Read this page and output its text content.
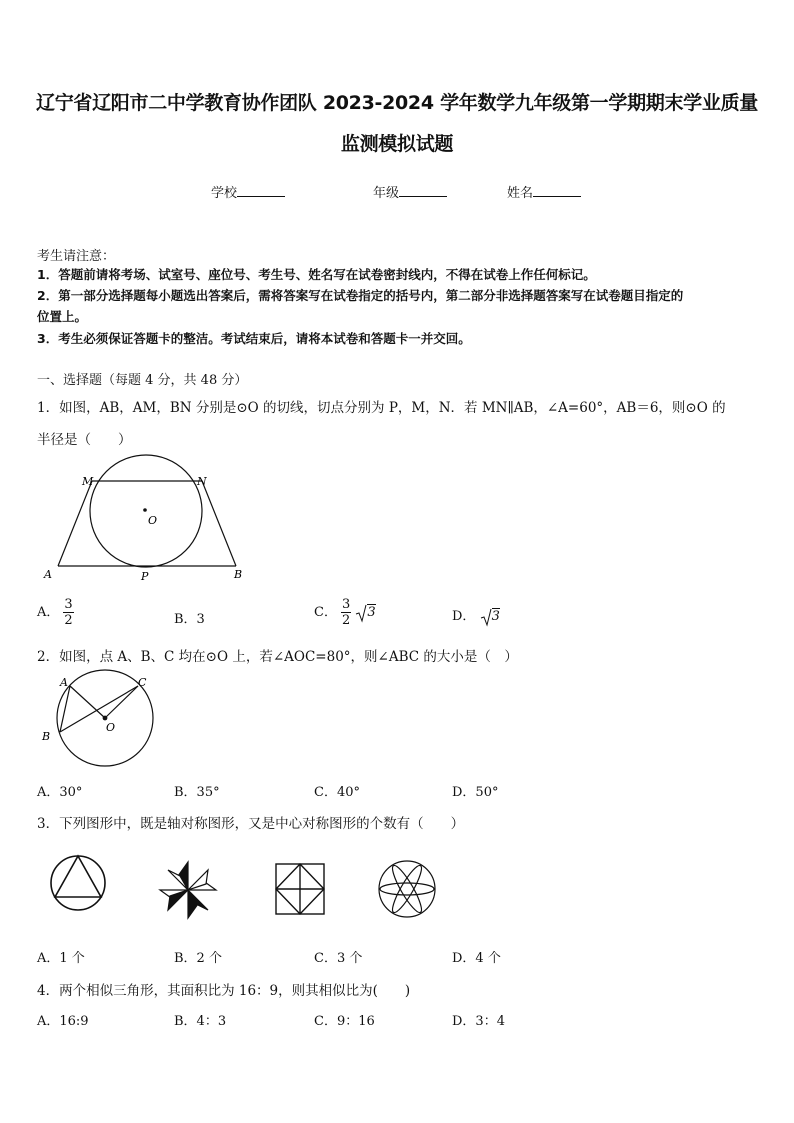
辽宁省辽阳市二中学教育协作团队 2023-2024 学年数学九年级第一学期期末学业质量
监测模拟试题
学校	年级	姓名
考生请注意：
1．答题前请将考场、试室号、座位号、考生号、姓名写在试卷密封线内，不得在试卷上作任何标记。
2．第一部分选择题每小题选出答案后，需将答案写在试卷指定的括号内，第二部分非选择题答案写在试卷题目指定的
位置上。
3．考生必须保证答题卡的整洁。考试结束后，请将本试卷和答题卡一并交回。
一、选择题（每题 4 分，共 48 分）
1．如图，AB，AM，BN 分别是⊙O 的切线，切点分别为 P，M，N．若 MN∥AB，∠A=60°，AB＝6，则⊙O 的
半径是（　　）
M	N
O
A	P	B
A． $\frac{3}{2}$	B．3	C． $\frac{3}{2} 3$	D． 3
2．如图，点 A、B、C 均在⊙O 上，若∠AOC=80°，则∠ABC 的大小是（　）
A	C
B
O
A．30°	B．35°	C．40°	D．50°
3．下列图形中，既是轴对称图形，又是中心对称图形的个数有（　　）
A．1 个	B．2 个	C．3 个	D．4 个
4．两个相似三角形，其面积比为 16：9，则其相似比为(　　)
A．16:9	B．4：3	C．9：16	D．3：4
